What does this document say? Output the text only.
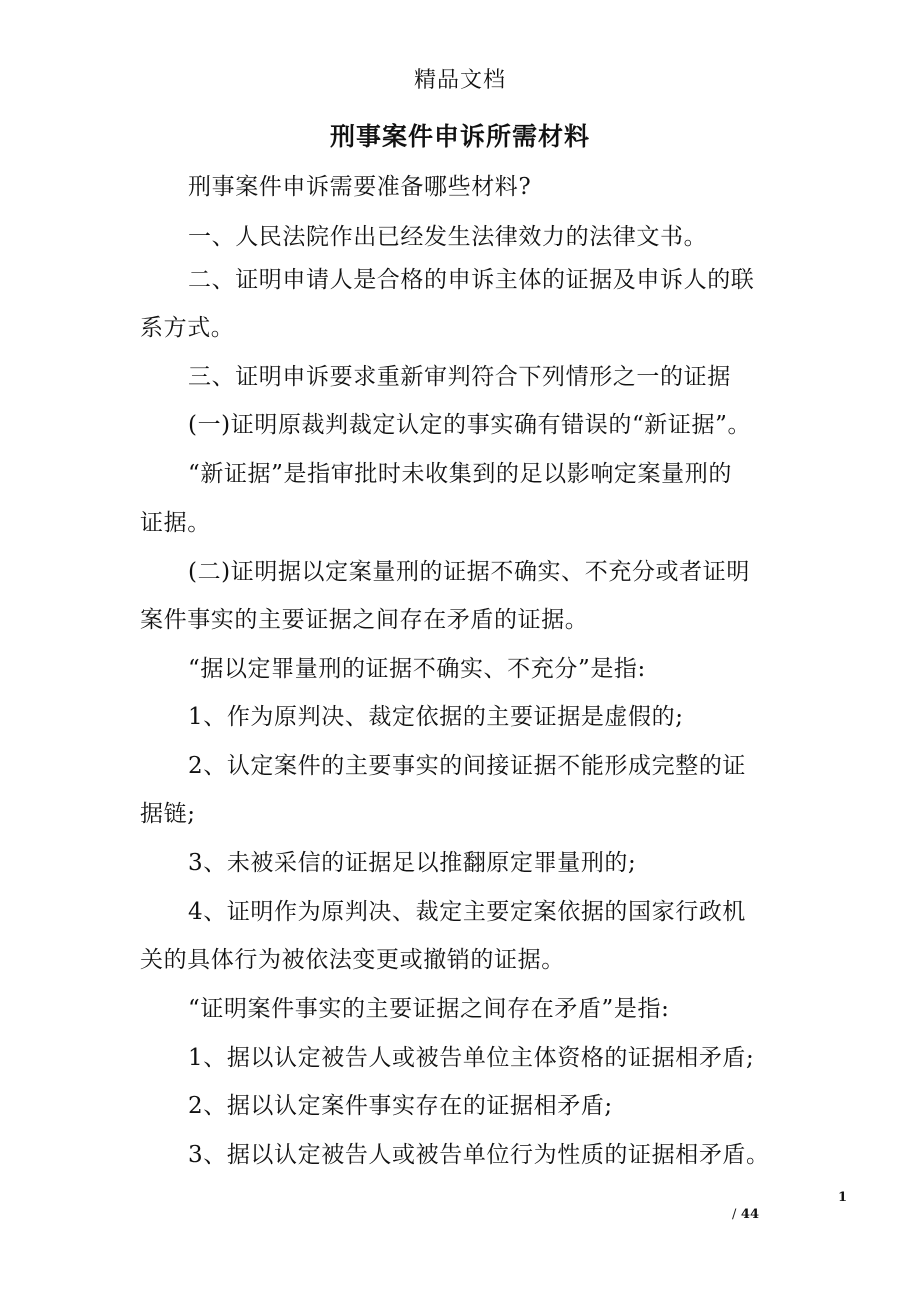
精品文档
刑事案件申诉所需材料
刑事案件申诉需要准备哪些材料?
一、人民法院作出已经发生法律效力的法律文书。
二、证明申请人是合格的申诉主体的证据及申诉人的联
系方式。
三、证明申诉要求重新审判符合下列情形之一的证据
(一)证明原裁判裁定认定的事实确有错误的“新证据”。
“新证据”是指审批时未收集到的足以影响定案量刑的
证据。
(二)证明据以定案量刑的证据不确实、不充分或者证明
案件事实的主要证据之间存在矛盾的证据。
“据以定罪量刑的证据不确实、不充分”是指:
1、作为原判决、裁定依据的主要证据是虚假的;
2、认定案件的主要事实的间接证据不能形成完整的证
据链;
3、未被采信的证据足以推翻原定罪量刑的;
4、证明作为原判决、裁定主要定案依据的国家行政机
关的具体行为被依法变更或撤销的证据。
“证明案件事实的主要证据之间存在矛盾”是指:
1、据以认定被告人或被告单位主体资格的证据相矛盾;
2、据以认定案件事实存在的证据相矛盾;
3、据以认定被告人或被告单位行为性质的证据相矛盾。
1
/ 44
